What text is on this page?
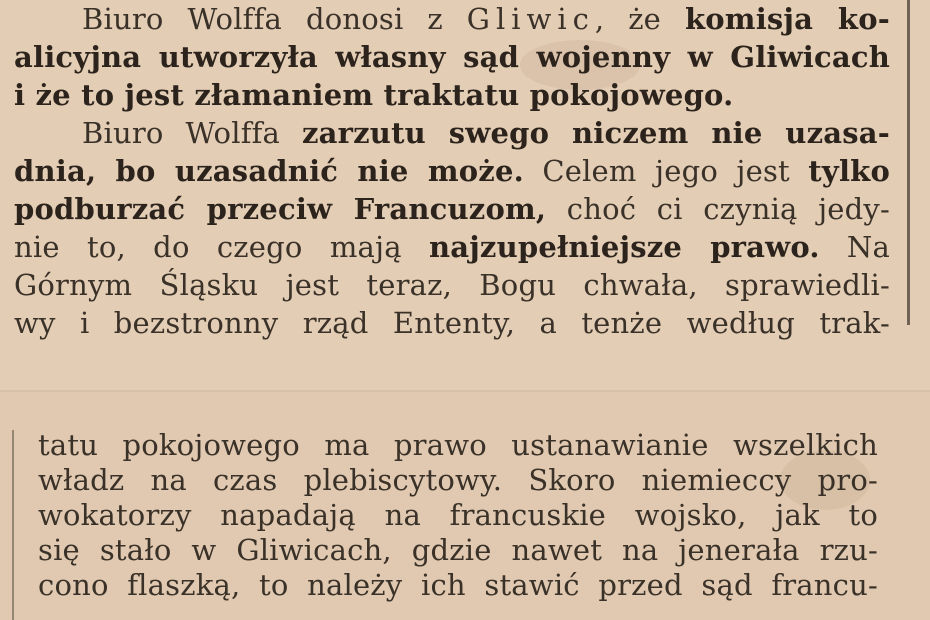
Biuro Wolffa donosi z Gliwic, że komisja ko-
alicyjna utworzyła własny sąd wojenny w Gliwicach
i że to jest złamaniem traktatu pokojowego.
Biuro Wolffa zarzutu swego niczem nie uzasa-
dnia, bo uzasadnić nie może. Celem jego jest tylko
podburzać przeciw Francuzom, choć ci czynią jedy-
nie to, do czego mają najzupełniejsze prawo. Na
Górnym Śląsku jest teraz, Bogu chwała, sprawiedli-
wy i bezstronny rząd Ententy, a tenże według trak-
tatu pokojowego ma prawo ustanawianie wszelkich
władz na czas plebiscytowy. Skoro niemieccy pro-
wokatorzy napadają na francuskie wojsko, jak to
się stało w Gliwicach, gdzie nawet na jenerała rzu-
cono flaszką, to należy ich stawić przed sąd francu-
